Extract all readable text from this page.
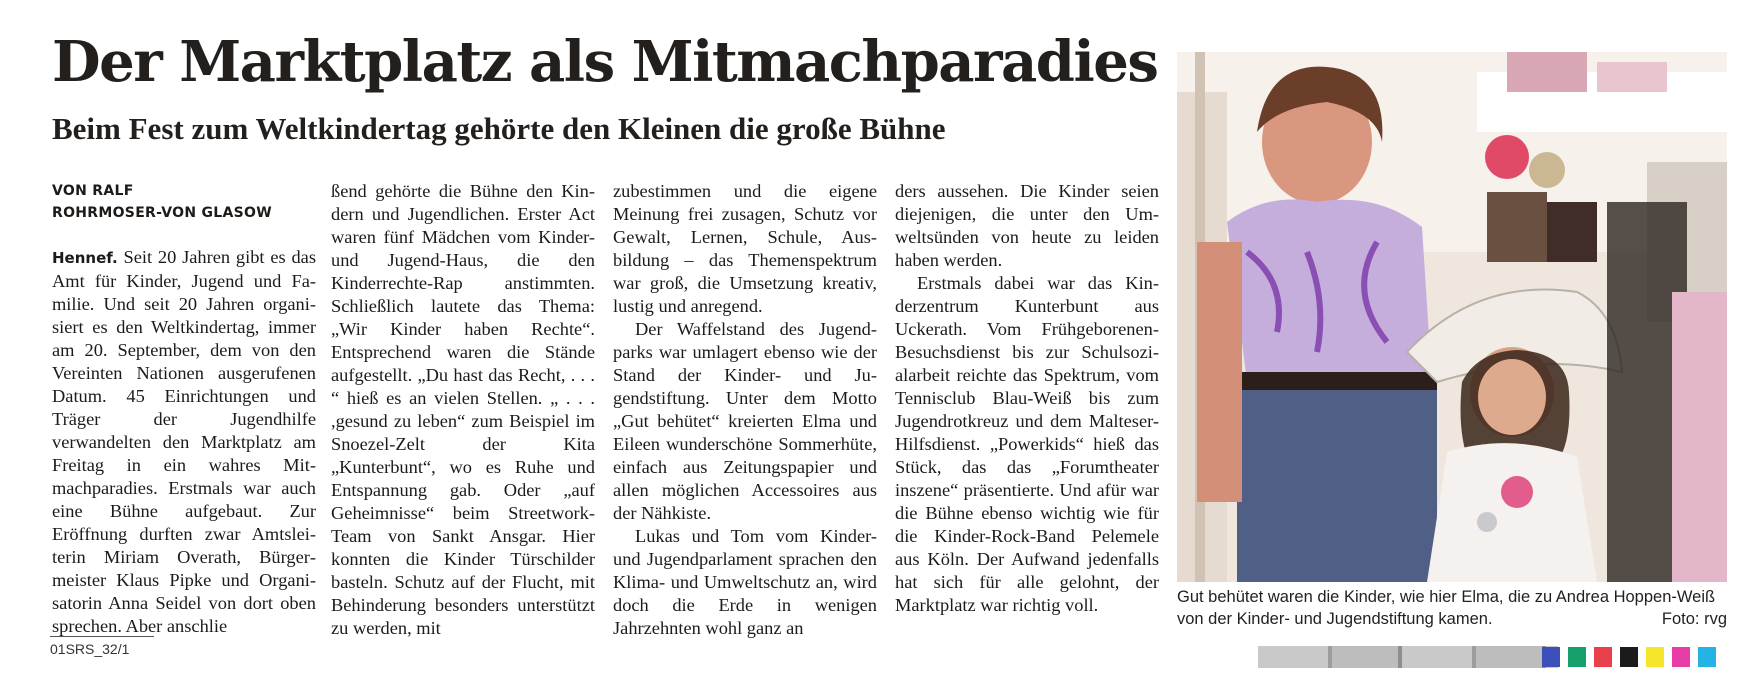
Der Marktplatz als Mitmachparadies
Beim Fest zum Weltkindertag gehörte den Kleinen die große Bühne
VON RALF
ROHRMOSER-VON GLASOW

Hennef. Seit 20 Jahren gibt es das Amt für Kinder, Jugend und Familie. Und seit 20 Jahren organisiert es den Weltkindertag, immer am 20. September, dem von den Vereinten Nationen ausgerufenen Datum. 45 Einrichtungen und Träger der Jugendhilfe verwandelten den Marktplatz am Freitag in ein wahres Mitmachparadies. Erstmals war auch eine Bühne aufgebaut. Zur Eröffnung durften zwar Amtsleiterin Miriam Overath, Bürgermeister Klaus Pipke und Organisatorin Anna Seidel von dort oben sprechen. Aber anschlie

ßend gehörte die Bühne den Kindern und Jugendlichen. Erster Act waren fünf Mädchen vom Kinder- und Jugend-Haus, die den Kinderrechte-Rap anstimmten. Schließlich lautete das Thema: „Wir Kinder haben Rechte“. Entsprechend waren die Stände aufgestellt. „Du hast das Recht, . . . “ hieß es an vielen Stellen. „ . . . ,gesund zu leben“ zum Beispiel im Snoezel-Zelt der Kita „Kunterbunt“, wo es Ruhe und Entspannung gab. Oder „auf Geheimnisse“ beim Streetwork-Team von Sankt Ansgar. Hier konnten die Kinder Türschilder basteln. Schutz auf der Flucht, mit Behinderung besonders unterstützt zu werden, mit

zubestimmen und die eigene Meinung frei zusagen, Schutz vor Gewalt, Lernen, Schule, Ausbildung – das Themenspektrum war groß, die Umsetzung kreativ, lustig und anregend.

Der Waffelstand des Jugendparks war umlagert ebenso wie der Stand der Kinder- und Jugendstiftung. Unter dem Motto „Gut behütet“ kreierten Elma und Eileen wunderschöne Sommerhüte, einfach aus Zeitungspapier und allen möglichen Accessoires aus der Nähkiste.

Lukas und Tom vom Kinder- und Jugendparlament sprachen den Klima- und Umweltschutz an, wird doch die Erde in wenigen Jahrzehnten wohl ganz an

ders aussehen. Die Kinder seien diejenigen, die unter den Umweltsünden von heute zu leiden haben werden.

Erstmals dabei war das Kinderzentrum Kunterbunt aus Uckerath. Vom Frühgeborenen-Besuchsdienst bis zur Schulsozialarbeit reichte das Spektrum, vom Tennisclub Blau-Weiß bis zum Jugendrotkreuz und dem Malteser-Hilfsdienst. „Powerkids“ hieß das Stück, das das „Forumtheater inszene“ präsentierte. Und afür war die Bühne ebenso wichtig wie für die Kinder-Rock-Band Pelemele aus Köln. Der Aufwand jedenfalls hat sich für alle gelohnt, der Marktplatz war richtig voll.	Gut behütet waren die Kinder, wie hier Elma, die zu Andrea Hoppen-Weiß von der Kinder- und Jugendstiftung kamen.	Foto: rvg
01SRS_32/1
